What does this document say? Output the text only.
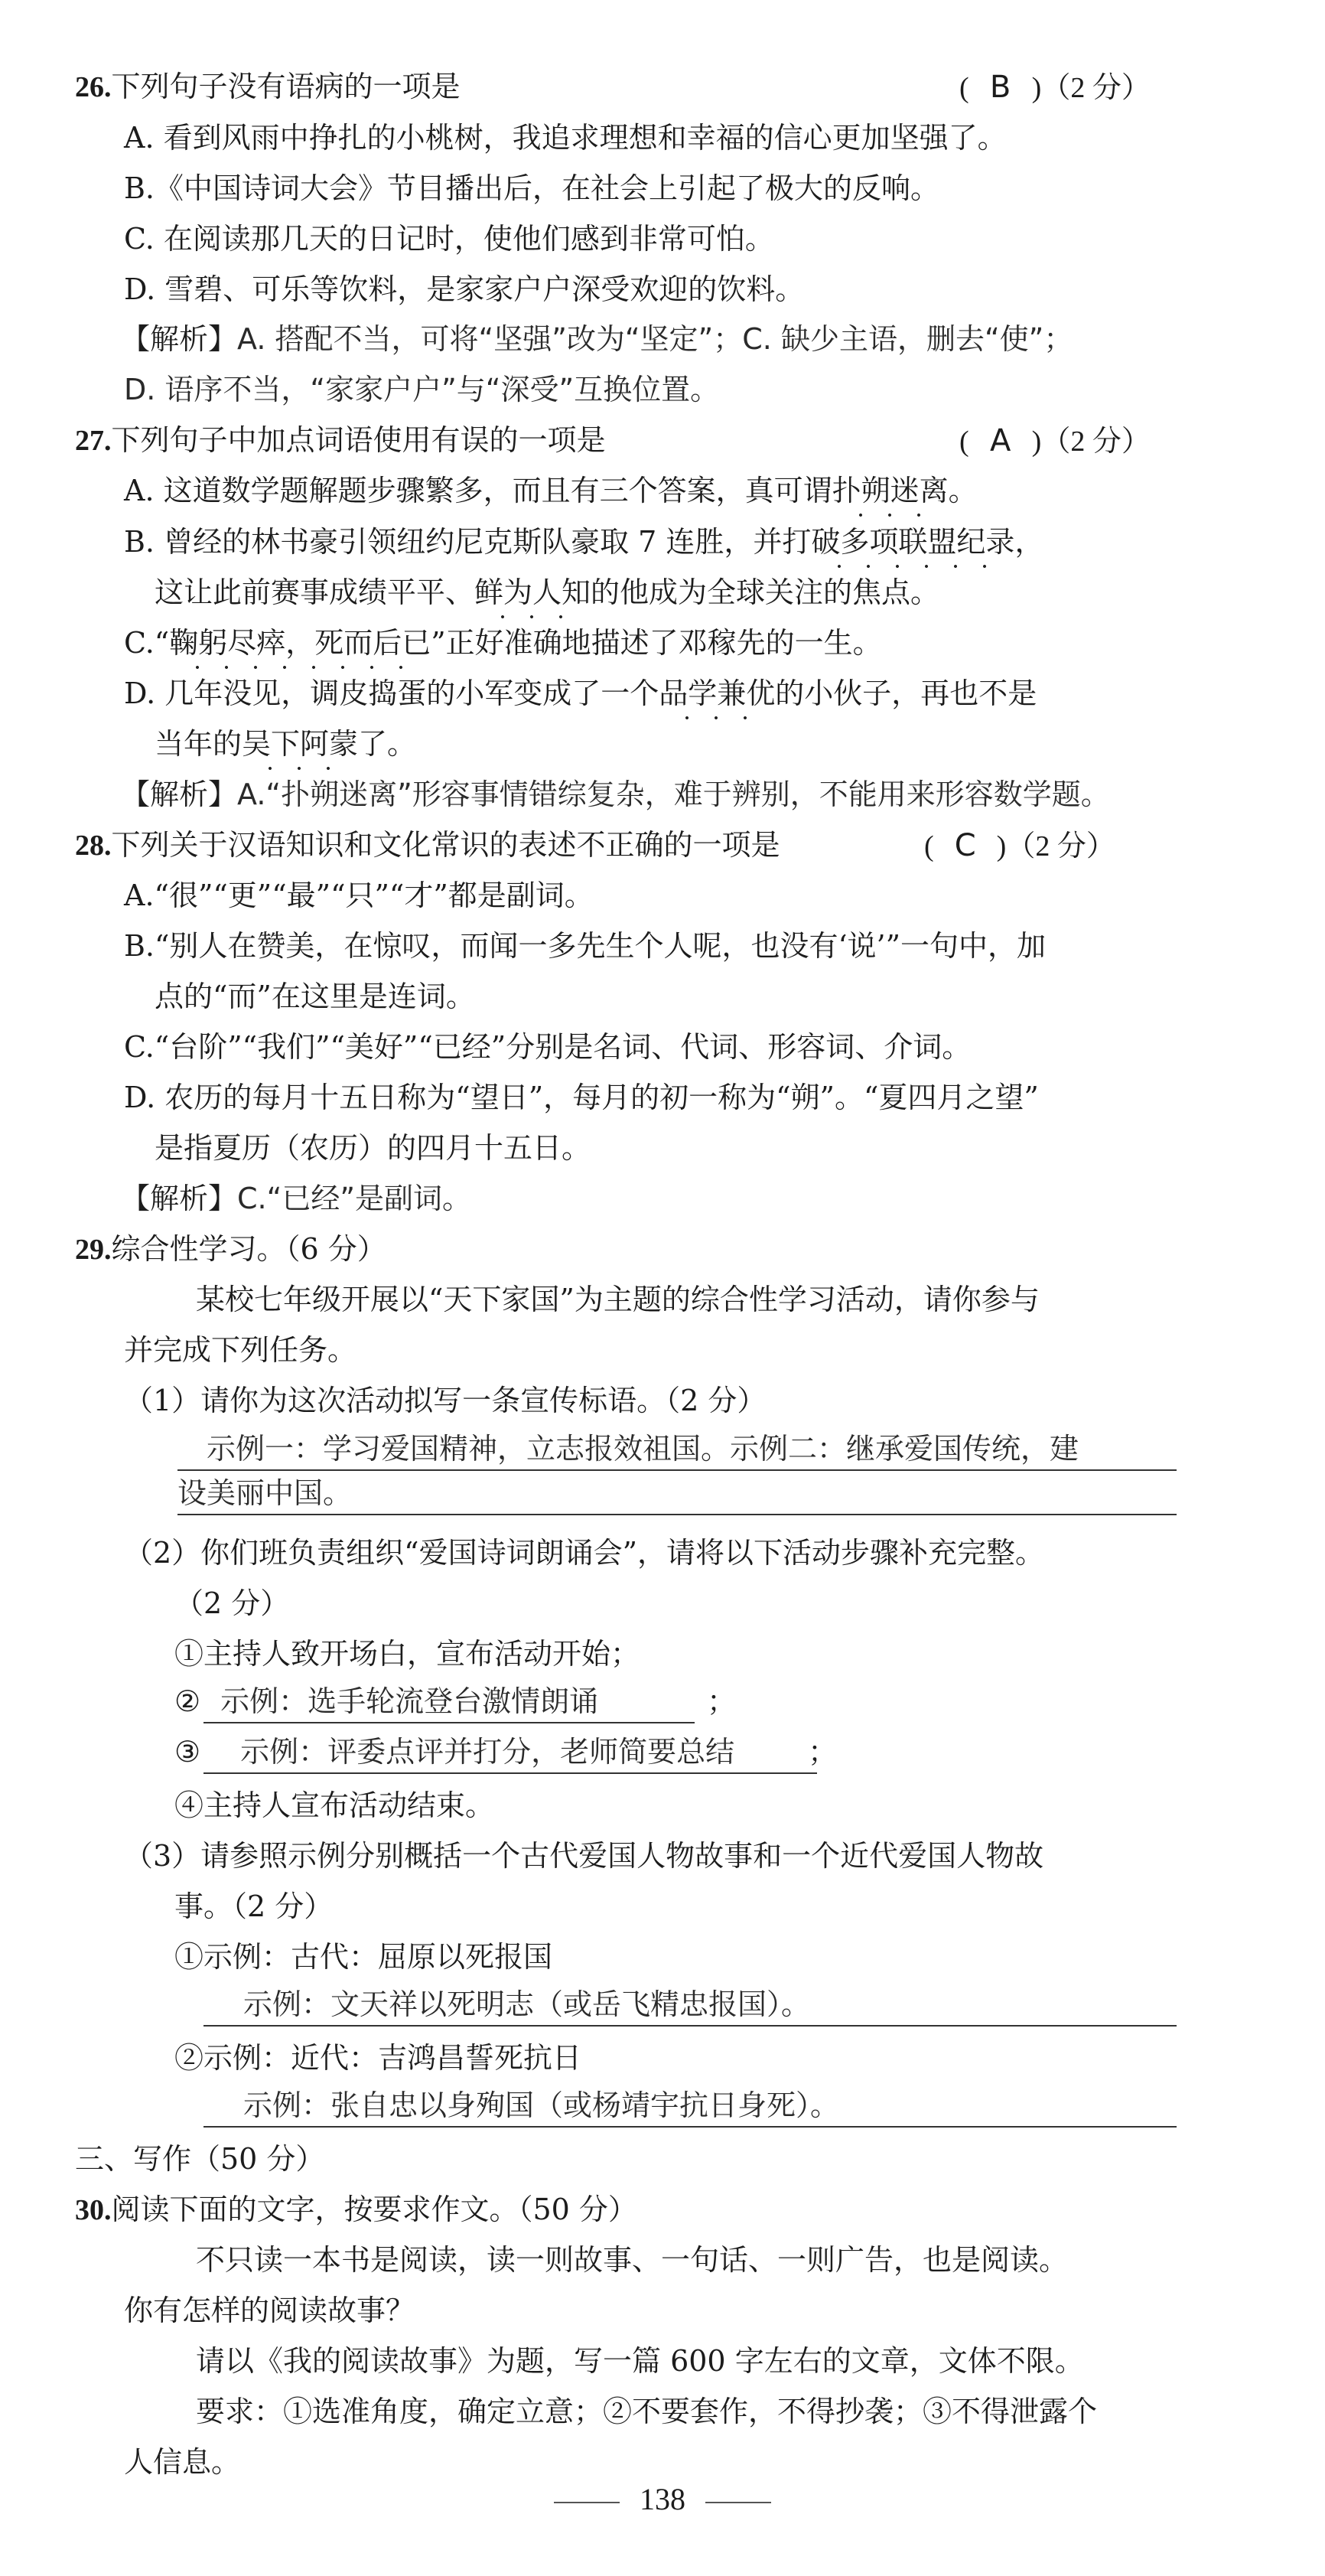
26.下列句子没有语病的一项是	( B )（2 分）
A. 看到风雨中挣扎的小桃树，我追求理想和幸福的信心更加坚强了。
B.《中国诗词大会》节目播出后，在社会上引起了极大的反响。
C. 在阅读那几天的日记时，使他们感到非常可怕。
D. 雪碧、可乐等饮料，是家家户户深受欢迎的饮料。
【解析】A. 搭配不当，可将“坚强”改为“坚定”；C. 缺少主语，删去“使”；
D. 语序不当，“家家户户”与“深受”互换位置。
27.下列句子中加点词语使用有误的一项是	( A )（2 分）
A. 这道数学题解题步骤繁多，而且有三个答案，真可谓扑朔迷离。
B. 曾经的林书豪引领纽约尼克斯队豪取 7 连胜，并打破多项联盟纪录，
这让此前赛事成绩平平、鲜为人知的他成为全球关注的焦点。
C.“鞠躬尽瘁，死而后已”正好准确地描述了邓稼先的一生。
D. 几年没见，调皮捣蛋的小军变成了一个品学兼优的小伙子，再也不是
当年的吴下阿蒙了。
【解析】A.“扑朔迷离”形容事情错综复杂，难于辨别，不能用来形容数学题。
28.下列关于汉语知识和文化常识的表述不正确的一项是	( C )（2 分）
A.“很”“更”“最”“只”“才”都是副词。
B.“别人在赞美，在惊叹，而闻一多先生个人呢，也没有‘说’”一句中，加
点的“而”在这里是连词。
C.“台阶”“我们”“美好”“已经”分别是名词、代词、形容词、介词。
D. 农历的每月十五日称为“望日”，每月的初一称为“朔”。“夏四月之望”
是指夏历（农历）的四月十五日。
【解析】C.“已经”是副词。
29.综合性学习。（6 分）
某校七年级开展以“天下家国”为主题的综合性学习活动，请你参与
并完成下列任务。
（1）请你为这次活动拟写一条宣传标语。（2 分）
示例一：学习爱国精神，立志报效祖国。示例二：继承爱国传统，建
设美丽中国。
（2）你们班负责组织“爱国诗词朗诵会”，请将以下活动步骤补充完整。
（2 分）
①主持人致开场白，宣布活动开始；
② 示例：选手轮流登台激情朗诵	；
③ 示例：评委点评并打分，老师简要总结	；
④主持人宣布活动结束。
（3）请参照示例分别概括一个古代爱国人物故事和一个近代爱国人物故
事。（2 分）
①示例：古代：屈原以死报国
示例：文天祥以死明志（或岳飞精忠报国）。
②示例：近代：吉鸿昌誓死抗日
示例：张自忠以身殉国（或杨靖宇抗日身死）。
三、写作（50 分）
30.阅读下面的文字，按要求作文。（50 分）
不只读一本书是阅读，读一则故事、一句话、一则广告，也是阅读。
你有怎样的阅读故事？
请以《我的阅读故事》为题，写一篇 600 字左右的文章，文体不限。
要求：①选准角度，确定立意；②不要套作，不得抄袭；③不得泄露个
人信息。
138
